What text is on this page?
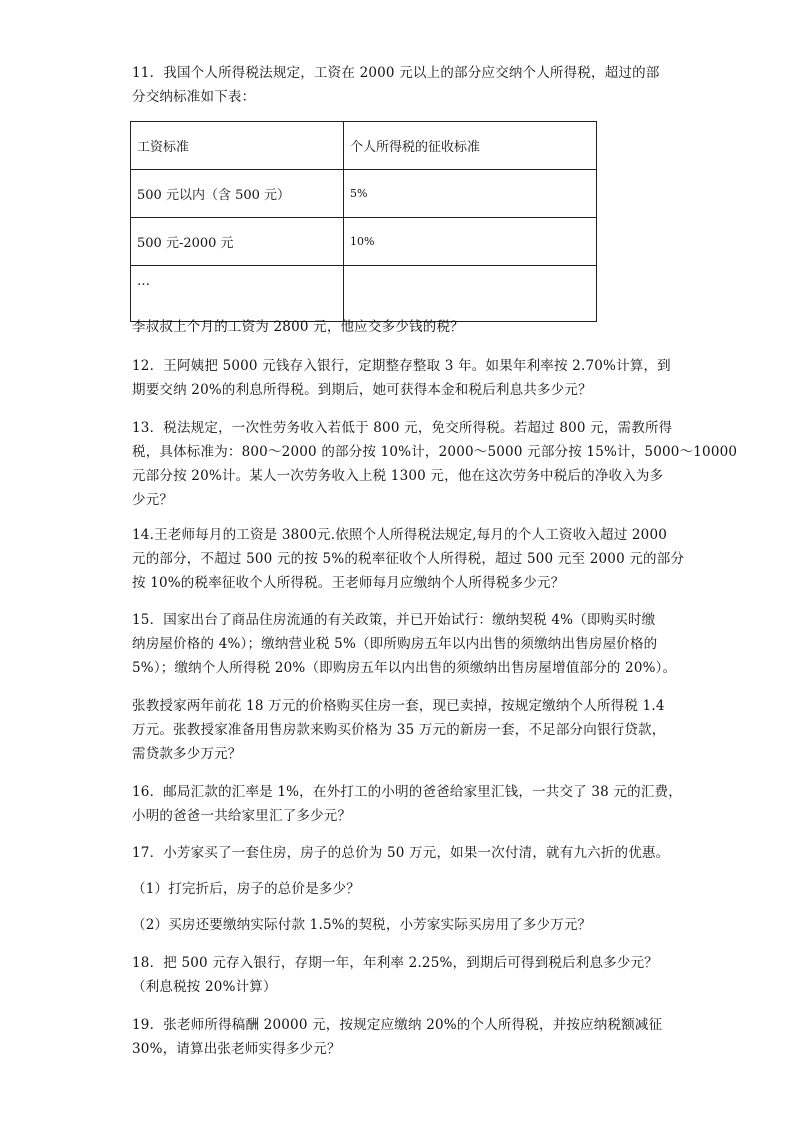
11．我国个人所得税法规定，工资在 2000 元以上的部分应交纳个人所得税，超过的部
分交纳标准如下表：

工资标准	个人所得税的征收标准
500 元以内（含 500 元）	5%
500 元-2000 元	10%
…	

李叔叔上个月的工资为 2800 元，他应交多少钱的税？

12．王阿姨把 5000 元钱存入银行，定期整存整取 3 年。如果年利率按 2.70%计算，到
期要交纳 20%的利息所得税。到期后，她可获得本金和税后利息共多少元？

13．税法规定，一次性劳务收入若低于 800 元，免交所得税。若超过 800 元，需教所得
税，具体标准为：800～2000 的部分按 10%计，2000～5000 元部分按 15%计，5000～10000
元部分按 20%计。某人一次劳务收入上税 1300 元，他在这次劳务中税后的净收入为多
少元？

14.王老师每月的工资是 3800元.依照个人所得税法规定,每月的个人工资收入超过 2000
元的部分，不超过 500 元的按 5%的税率征收个人所得税，超过 500 元至 2000 元的部分
按 10%的税率征收个人所得税。王老师每月应缴纳个人所得税多少元？

15．国家出台了商品住房流通的有关政策，并已开始试行：缴纳契税 4%（即购买时缴
纳房屋价格的 4%）；缴纳营业税 5%（即所购房五年以内出售的须缴纳出售房屋价格的
5%）；缴纳个人所得税 20%（即购房五年以内出售的须缴纳出售房屋增值部分的 20%）。

张教授家两年前花 18 万元的价格购买住房一套，现已卖掉，按规定缴纳个人所得税 1.4
万元。张教授家准备用售房款来购买价格为 35 万元的新房一套，不足部分向银行贷款，
需贷款多少万元？

16．邮局汇款的汇率是 1%，在外打工的小明的爸爸给家里汇钱，一共交了 38 元的汇费，
小明的爸爸一共给家里汇了多少元？

17．小芳家买了一套住房，房子的总价为 50 万元，如果一次付清，就有九六折的优惠。

（1）打完折后，房子的总价是多少？

（2）买房还要缴纳实际付款 1.5%的契税，小芳家实际买房用了多少万元？

18．把 500 元存入银行，存期一年，年利率 2.25%，到期后可得到税后利息多少元？
（利息税按 20%计算）

19．张老师所得稿酬 20000 元，按规定应缴纳 20%的个人所得税，并按应纳税额减征
30%，请算出张老师实得多少元？
